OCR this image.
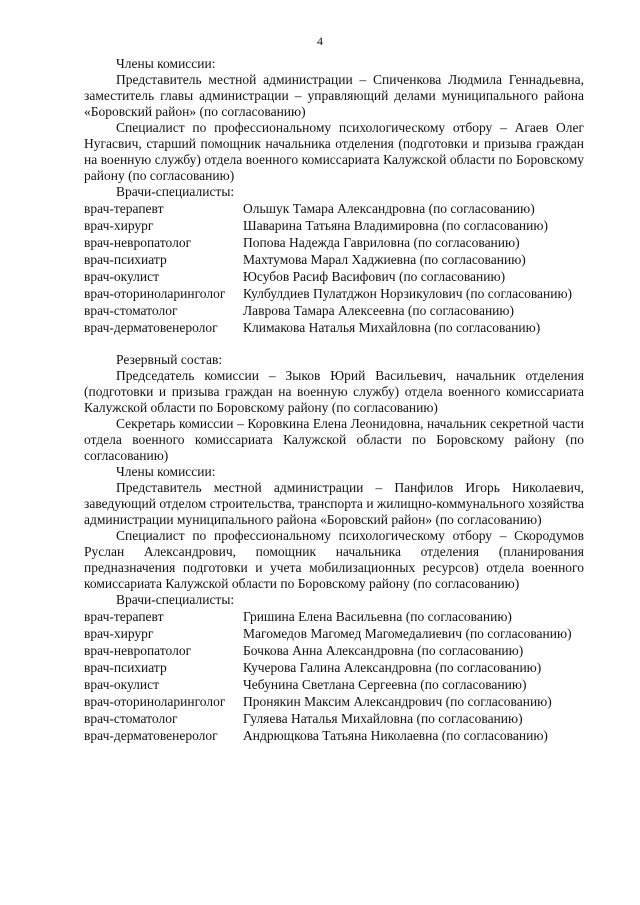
4

Члены комиссии:

Представитель местной администрации – Спиченкова Людмила Геннадьевна, заместитель главы администрации – управляющий делами муниципального района «Боровский район» (по согласованию)

Специалист по профессиональному психологическому отбору – Агаев Олег Нугасвич, старший помощник начальника отделения (подготовки и призыва граждан на военную службу) отдела военного комиссариата Калужской области по Боровскому району (по согласованию)

Врачи-специалисты:

врач-терапевт	Ольшук Тамара Александровна (по согласованию)
врач-хирург	Шаварина Татьяна Владимировна (по согласованию)
врач-невропатолог	Попова Надежда Гавриловна (по согласованию)
врач-психиатр	Махтумова Марал Хаджиевна (по согласованию)
врач-окулист	Юсубов Расиф Васифович (по согласованию)
врач-оториноларинголог	Кулбулдиев Пулатджон Норзикулович (по согласованию)
врач-стоматолог	Лаврова Тамара Алексеевна (по согласованию)
врач-дерматовенеролог	Климакова Наталья Михайловна (по согласованию)

Резервный состав:

Председатель комиссии – Зыков Юрий Васильевич, начальник отделения (подготовки и призыва граждан на военную службу) отдела военного комиссариата Калужской области по Боровскому району (по согласованию)

Секретарь комиссии – Коровкина Елена Леонидовна, начальник секретной части отдела военного комиссариата Калужской области по Боровскому району (по согласованию)

Члены комиссии:

Представитель местной администрации – Панфилов Игорь Николаевич, заведующий отделом строительства, транспорта и жилищно-коммунального хозяйства администрации муниципального района «Боровский район» (по согласованию)

Специалист по профессиональному психологическому отбору – Скородумов Руслан Александрович, помощник начальника отделения (планирования предназначения подготовки и учета мобилизационных ресурсов) отдела военного комиссариата Калужской области по Боровскому району (по согласованию)

Врачи-специалисты:

врач-терапевт	Гришина Елена Васильевна (по согласованию)
врач-хирург	Магомедов Магомед Магомедалиевич (по согласованию)
врач-невропатолог	Бочкова Анна Александровна (по согласованию)
врач-психиатр	Кучерова Галина Александровна (по согласованию)
врач-окулист	Чебунина Светлана Сергеевна (по согласованию)
врач-оториноларинголог	Пронякин Максим Александрович (по согласованию)
врач-стоматолог	Гуляева Наталья Михайловна (по согласованию)
врач-дерматовенеролог	Андрющкова Татьяна Николаевна (по согласованию)
